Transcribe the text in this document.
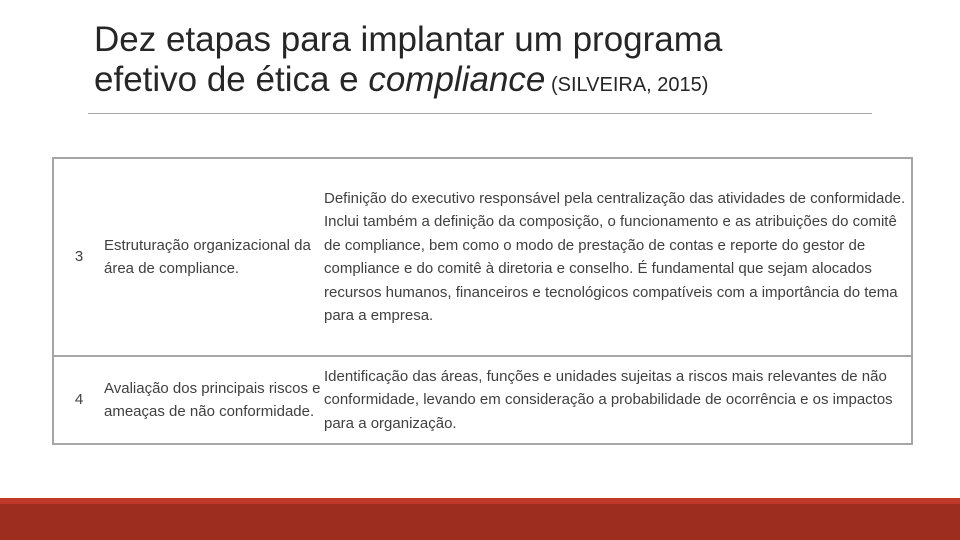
Dez etapas para implantar um programa
efetivo de ética e compliance (SILVEIRA, 2015)
3	Estruturação organizacional da área de compliance.	Definição do executivo responsável pela centralização das atividades de conformidade. Inclui também a definição da composição, o funcionamento e as atribuições do comitê de compliance, bem como o modo de prestação de contas e reporte do gestor de compliance e do comitê à diretoria e conselho. É fundamental que sejam alocados recursos humanos, financeiros e tecnológicos compatíveis com a importância do tema para a empresa.
4	Avaliação dos principais riscos e ameaças de não conformidade.	Identificação das áreas, funções e unidades sujeitas a riscos mais relevantes de não conformidade, levando em consideração a probabilidade de ocorrência e os impactos para a organização.
